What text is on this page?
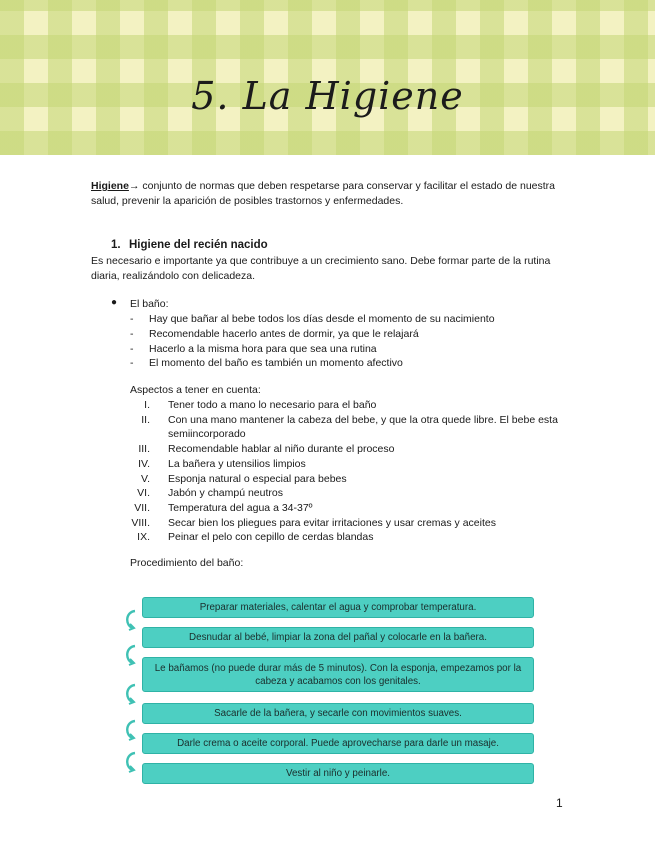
5. La Higiene
Higiene→ conjunto de normas que deben respetarse para conservar y facilitar el estado de nuestra salud, prevenir la aparición de posibles trastornos y enfermedades.
1. Higiene del recién nacido
Es necesario e importante ya que contribuye a un crecimiento sano. Debe formar parte de la rutina diaria, realizándolo con delicadeza.
● El baño:
-	Hay que bañar al bebe todos los días desde el momento de su nacimiento
-	Recomendable hacerlo antes de dormir, ya que le relajará
-	Hacerlo a la misma hora para que sea una rutina
-	El momento del baño es también un momento afectivo
Aspectos a tener en cuenta:
I. Tener todo a mano lo necesario para el baño
II. Con una mano mantener la cabeza del bebe, y que la otra quede libre. El bebe esta semiincorporado
III. Recomendable hablar al niño durante el proceso
IV. La bañera y utensilios limpios
V. Esponja natural o especial para bebes
VI. Jabón y champú neutros
VII. Temperatura del agua a 34-37º
VIII. Secar bien los pliegues para evitar irritaciones y usar cremas y aceites
IX. Peinar el pelo con cepillo de cerdas blandas
Procedimiento del baño:
Preparar materiales, calentar el agua y comprobar temperatura.
Desnudar al bebé, limpiar la zona del pañal y colocarle en la bañera.
Le bañamos (no puede durar más de 5 minutos). Con la esponja, empezamos por la cabeza y acabamos con los genitales.
Sacarle de la bañera, y secarle con movimientos suaves.
Darle crema o aceite corporal. Puede aprovecharse para darle un masaje.
Vestir al niño y peinarle.
1
